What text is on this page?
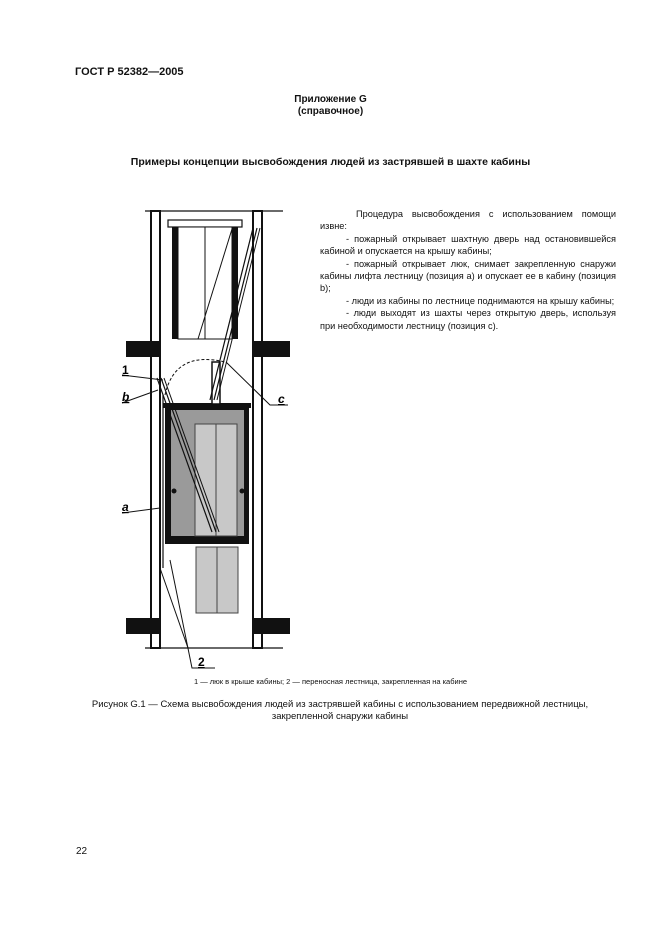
ГОСТ Р 52382—2005
Приложение G
(справочное)
Примеры концепции высвобождения людей из застрявшей в шахте кабины

Процедура высвобождения с использованием помощи извне:

- пожарный открывает шахтную дверь над остановившейся кабиной и опускается на крышу кабины;

- пожарный открывает люк, снимает закрепленную снаружи кабины лифта лестницу (позиция a) и опускает ее в кабину (позиция b);

- люди из кабины по лестнице поднимаются на крышу кабины;

- люди выходят из шахты через открытую дверь, используя при необходимости лестницу (позиция c).

1
b	c
a
2
1 — люк в крыше кабины; 2 — переносная лестница, закрепленная на кабине
Рисунок G.1 — Схема высвобождения людей из застрявшей кабины с использованием передвижной лестницы,
закрепленной снаружи кабины
22
